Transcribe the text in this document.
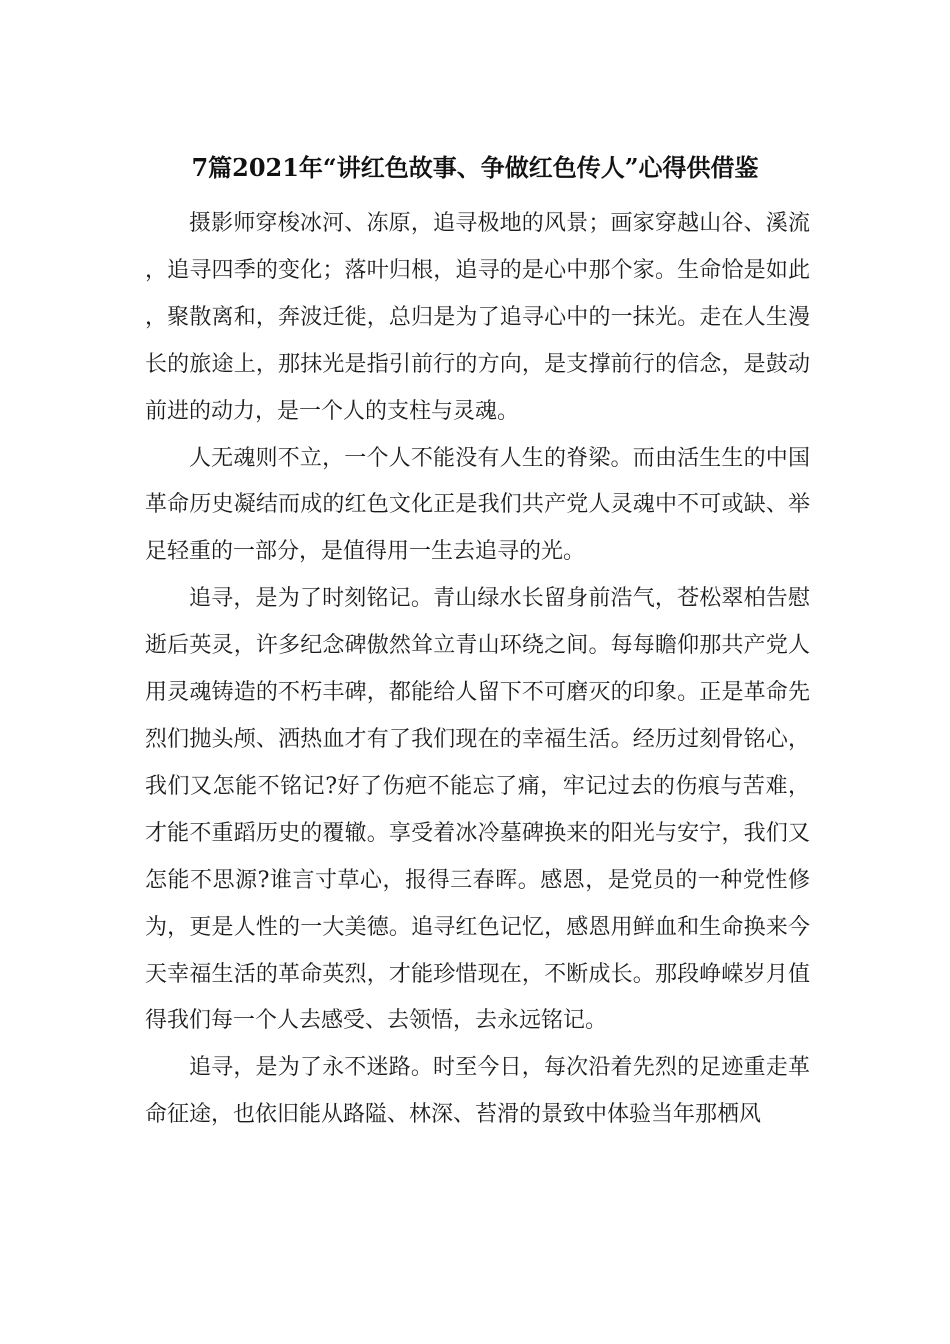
7篇2021年“讲红色故事、争做红色传人”心得供借鉴

摄影师穿梭冰河、冻原，追寻极地的风景；画家穿越山谷、溪流，追寻四季的变化；落叶归根，追寻的是心中那个家。生命恰是如此，聚散离和，奔波迁徙，总归是为了追寻心中的一抹光。走在人生漫长的旅途上，那抹光是指引前行的方向，是支撑前行的信念，是鼓动前进的动力，是一个人的支柱与灵魂。

人无魂则不立，一个人不能没有人生的脊梁。而由活生生的中国革命历史凝结而成的红色文化正是我们共产党人灵魂中不可或缺、举足轻重的一部分，是值得用一生去追寻的光。

追寻，是为了时刻铭记。青山绿水长留身前浩气，苍松翠柏告慰逝后英灵，许多纪念碑傲然耸立青山环绕之间。每每瞻仰那共产党人用灵魂铸造的不朽丰碑，都能给人留下不可磨灭的印象。正是革命先烈们抛头颅、洒热血才有了我们现在的幸福生活。经历过刻骨铭心，我们又怎能不铭记?好了伤疤不能忘了痛，牢记过去的伤痕与苦难，才能不重蹈历史的覆辙。享受着冰冷墓碑换来的阳光与安宁，我们又怎能不思源?谁言寸草心，报得三春晖。感恩，是党员的一种党性修为，更是人性的一大美德。追寻红色记忆，感恩用鲜血和生命换来今天幸福生活的革命英烈，才能珍惜现在，不断成长。那段峥嵘岁月值得我们每一个人去感受、去领悟，去永远铭记。

追寻，是为了永不迷路。时至今日，每次沿着先烈的足迹重走革命征途，也依旧能从路隘、林深、苔滑的景致中体验当年那栖风
